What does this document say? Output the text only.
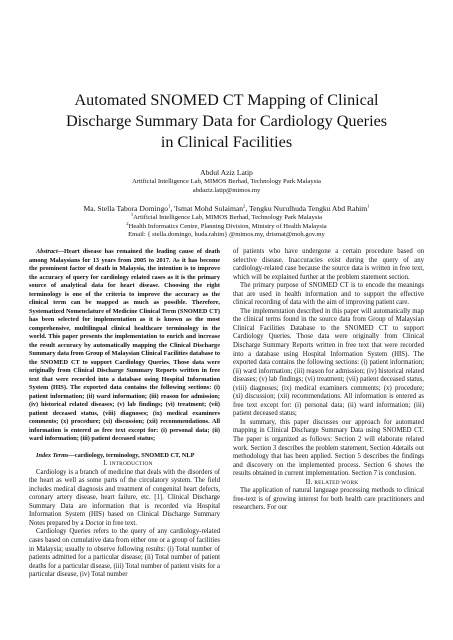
Automated SNOMED CT Mapping of Clinical
Discharge Summary Data for Cardiology Queries
in Clinical Facilities
Abdul Aziz Latip
Artificial Intelligence Lab, MIMOS Berhad, Technology Park Malaysia
abdaziz.latip@mimos.my
Ma. Stella Tabora Domingo$^1$, 'Ismat Mohd Sulaiman$^2$, Tengku Nurulhuda Tengku Abd Rahim$^1$
$^1$Artificial Intelligence Lab, MIMOS Berhad, Technology Park Malaysia
$^2$Health Informatics Centre, Planning Division, Ministry of Health Malaysia
Email: { stella.domingo, huda.rahim} @mimos.my, drismat@moh.gov.my

Abstract—Heart disease has remained the leading cause of death among Malaysians for 13 years from 2005 to 2017. As it has become the prominent factor of death in Malaysia, the intention is to improve the accuracy of query for cardiology related cases as it is the primary source of analytical data for heart disease. Choosing the right terminology is one of the criteria to improve the accuracy as the clinical term can be mapped as much as possible. Therefore, Systematized Nomenclature of Medicine Clinical Term (SNOMED CT) has been selected for implementation as it is known as the most comprehensive, multilingual clinical healthcare terminology in the world. This paper presents the implementation to enrich and increase the result accuracy by automatically mapping the Clinical Discharge Summary data from Group of Malaysian Clinical Facilities database to the SNOMED CT to support Cardiology Queries. Those data were originally from Clinical Discharge Summary Reports written in free text that were recorded into a database using Hospital Information System (HIS). The exported data contains the following sections: (i) patient information; (ii) ward information; (iii) reason for admission; (iv) historical related diseases; (v) lab findings; (vi) treatment; (vii) patient deceased status, (viii) diagnoses; (ix) medical examiners comments; (x) procedure; (xi) discussion; (xii) recommendations. All information is entered as free text except for: (i) personal data; (ii) ward information; (iii) patient deceased status;

Index Terms—cardiology, terminology, SNOMED CT, NLP

I. INTRODUCTION

Cardiology is a branch of medicine that deals with the disorders of the heart as well as some parts of the circulatory system. The field includes medical diagnosis and treatment of congenital heart defects, coronary artery disease, heart failure, etc. [1]. Clinical Discharge Summary Data are information that is recorded via Hospital Information System (HIS) based on Clinical Discharge Summary Notes prepared by a Doctor in free text.

Cardiology Queries refers to the query of any cardiology-related cases based on cumulative data from either one or a group of facilities in Malaysia; usually to observe following results: (i) Total number of patients admitted for a particular disease; (ii) Total number of patient deaths for a particular disease, (iii) Total number of patient visits for a particular disease, (iv) Total number

of patients who have undergone a certain procedure based on selective disease. Inaccuracies exist during the query of any cardiology-related case because the source data is written in free text, which will be explained further at the problem statement section.

The primary purpose of SNOMED CT is to encode the meanings that are used in health information and to support the effective clinical recording of data with the aim of improving patient care.

The implementation described in this paper will automatically map the clinical terms found in the source data from Group of Malaysian Clinical Facilities Database to the SNOMED CT to support Cardiology Queries. Those data were originally from Clinical Discharge Summary Reports written in free text that were recorded into a database using Hospital Information System (HIS). The exported data contains the following sections: (i) patient information; (ii) ward information; (iii) reason for admission; (iv) historical related diseases; (v) lab findings; (vi) treatment; (vii) patient deceased status, (viii) diagnoses; (ix) medical examiners comments; (x) procedure; (xi) discussion; (xii) recommendations. All information is entered as free text except for: (i) personal data; (ii) ward information; (iii) patient deceased status;

In summary, this paper discusses our approach for automated mapping in Clinical Discharge Summary Data using SNOMED CT. The paper is organized as follows: Section 2 will elaborate related work. Section 3 describes the problem statement, Section 4details out methodology that has been applied. Section 5 describes the findings and discovery on the implemented process. Section 6 shows the results obtained in current implementation. Section 7 is conclusion.

II. RELATED WORK

The application of natural language processing methods to clinical free-text is of growing interest for both health care practitioners and researchers. For our
